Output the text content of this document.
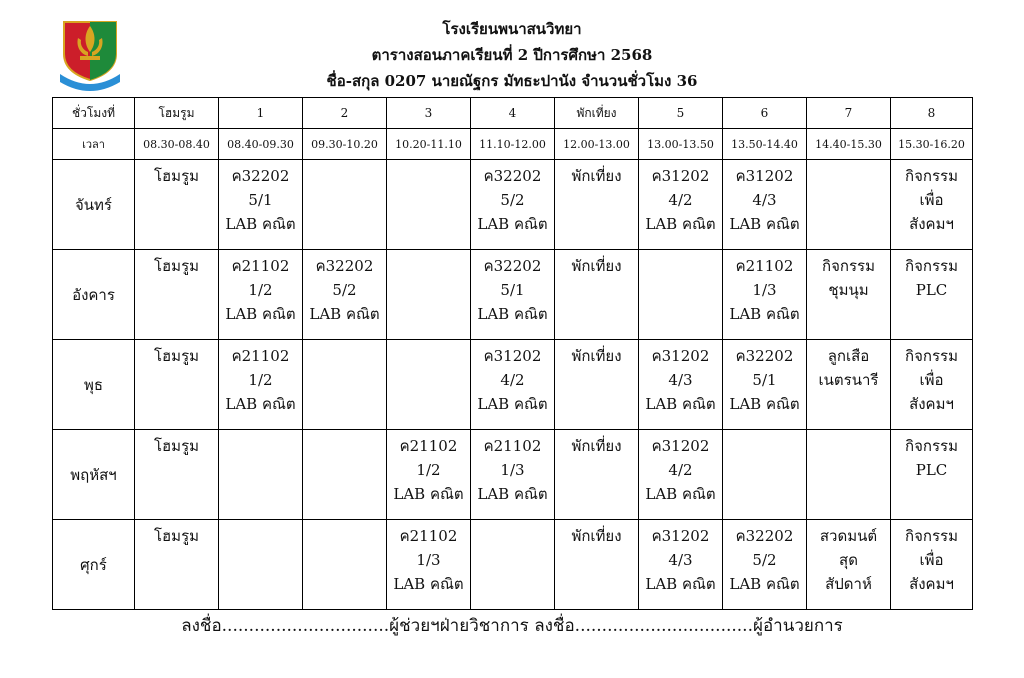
โรงเรียนพนาสนวิทยา
ตารางสอนภาคเรียนที่ 2 ปีการศึกษา 2568
ชื่อ-สกุล 0207 นายณัฐกร มัทธะปานัง จำนวนชั่วโมง 36
ชั่วโมงที่	โฮมรูม	1	2	3	4	พักเที่ยง	5	6	7	8
เวลา	08.30-08.40	08.40-09.30	09.30-10.20	10.20-11.10	11.10-12.00	12.00-13.00	13.00-13.50	13.50-14.40	14.40-15.30	15.30-16.20
จันทร์	โฮมรูม	ค32202
5/1
LAB คณิต			ค32202
5/2
LAB คณิต	พักเที่ยง	ค31202
4/2
LAB คณิต	ค31202
4/3
LAB คณิต		กิจกรรม
เพื่อ
สังคมฯ

อังคาร	โฮมรูม	ค21102
1/2
LAB คณิต	ค32202
5/2
LAB คณิต		ค32202
5/1
LAB คณิต	พักเที่ยง		ค21102
1/3
LAB คณิต	กิจกรรม
ชุมนุม	กิจกรรม
PLC

พุธ	โฮมรูม	ค21102
1/2
LAB คณิต			ค31202
4/2
LAB คณิต	พักเที่ยง	ค31202
4/3
LAB คณิต	ค32202
5/1
LAB คณิต	ลูกเสือ
เนตรนารี	กิจกรรม
เพื่อ
สังคมฯ

พฤหัสฯ	โฮมรูม			ค21102
1/2
LAB คณิต	ค21102
1/3
LAB คณิต	พักเที่ยง	ค31202
4/2
LAB คณิต			กิจกรรม
PLC

ศุกร์	โฮมรูม			ค21102
1/3
LAB คณิต		พักเที่ยง	ค31202
4/3
LAB คณิต	ค32202
5/2
LAB คณิต	สวดมนต์
สุด
สัปดาห์	กิจกรรม
เพื่อ
สังคมฯ
ลงชื่อ...............................ผู้ช่วยฯฝ่ายวิชาการ ลงชื่อ.................................ผู้อำนวยการ
